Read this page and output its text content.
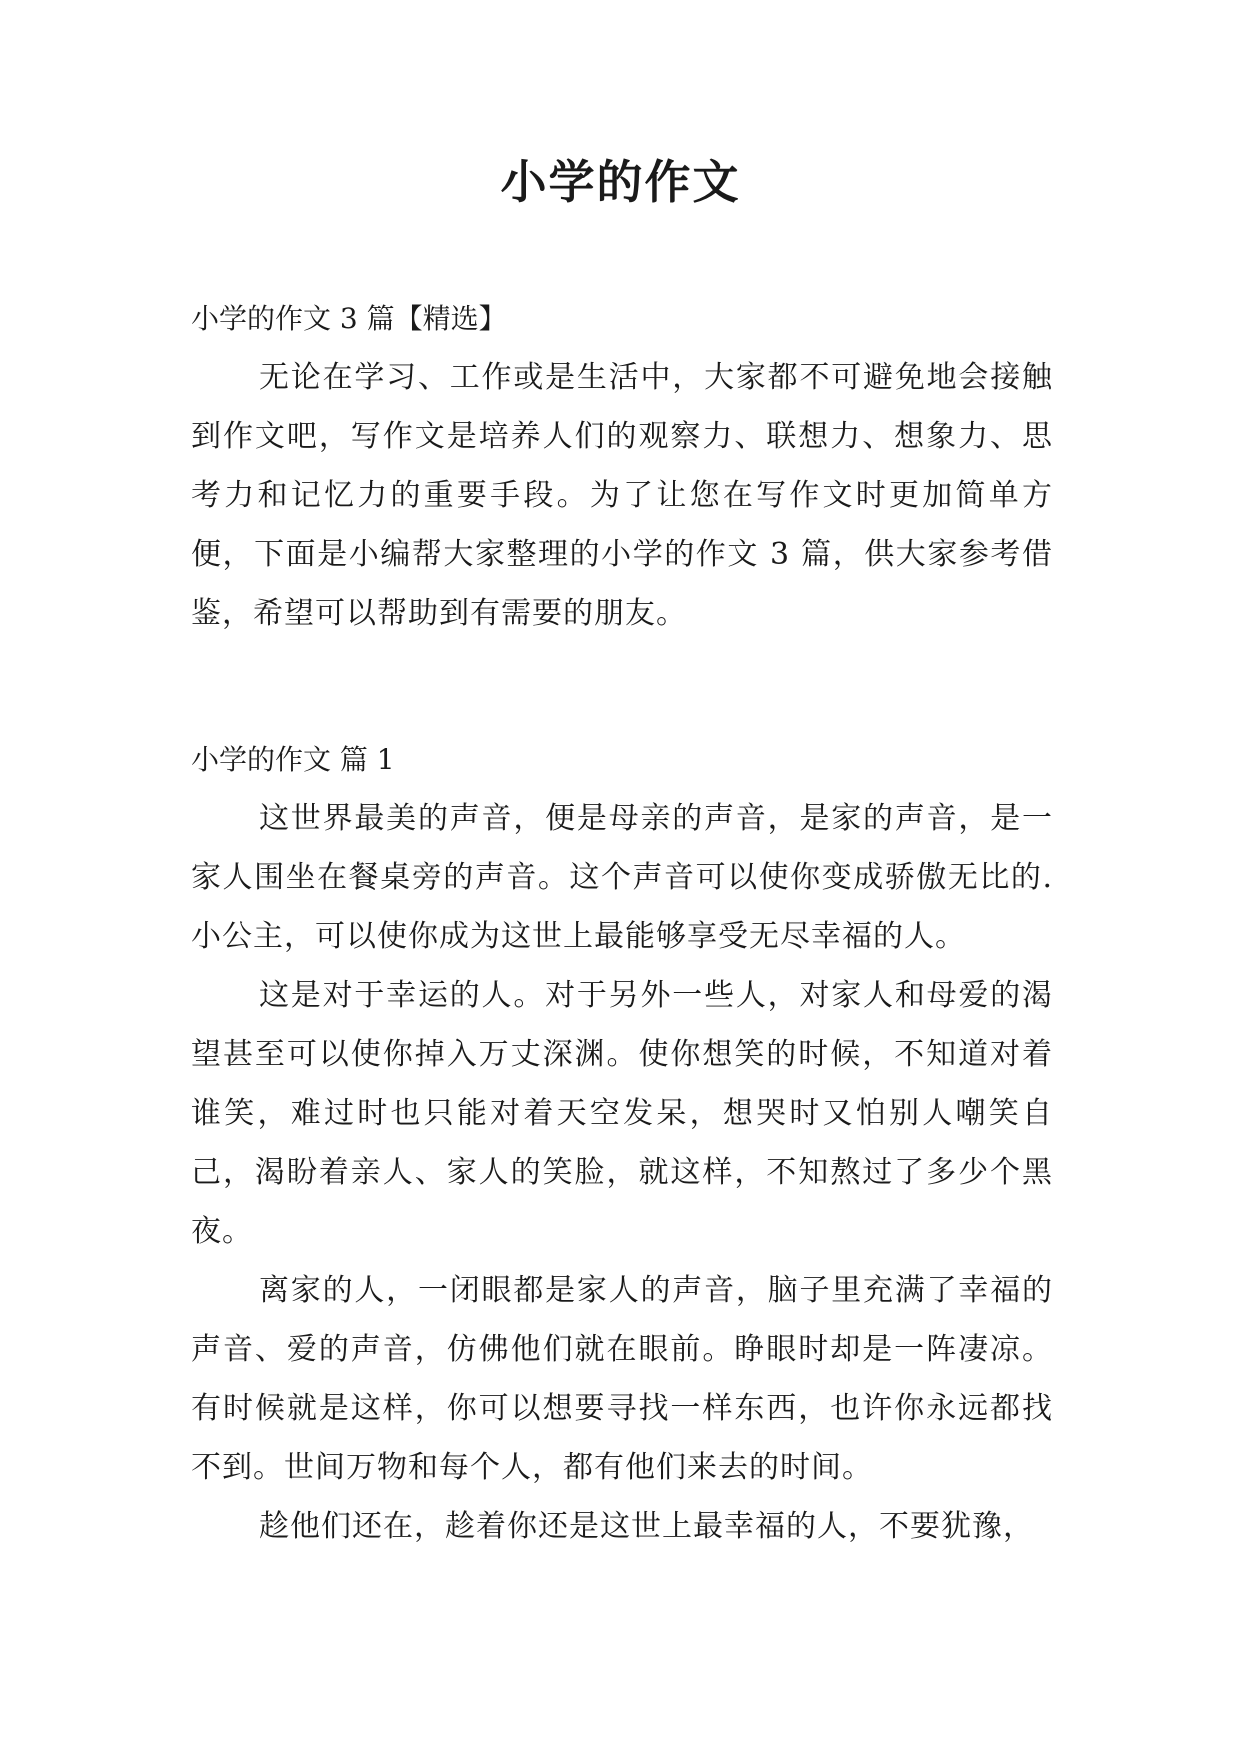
小学的作文

小学的作文 3 篇【精选】

无论在学习、工作或是生活中，大家都不可避免地会接触到作文吧，写作文是培养人们的观察力、联想力、想象力、思考力和记忆力的重要手段。为了让您在写作文时更加简单方便，下面是小编帮大家整理的小学的作文 3 篇，供大家参考借鉴，希望可以帮助到有需要的朋友。

小学的作文 篇 1

这世界最美的声音，便是母亲的声音，是家的声音，是一家人围坐在餐桌旁的声音。这个声音可以使你变成骄傲无比的.小公主，可以使你成为这世上最能够享受无尽幸福的人。

这是对于幸运的人。对于另外一些人，对家人和母爱的渴望甚至可以使你掉入万丈深渊。使你想笑的时候，不知道对着谁笑，难过时也只能对着天空发呆，想哭时又怕别人嘲笑自己，渴盼着亲人、家人的笑脸，就这样，不知熬过了多少个黑夜。

离家的人，一闭眼都是家人的声音，脑子里充满了幸福的声音、爱的声音，仿佛他们就在眼前。睁眼时却是一阵凄凉。有时候就是这样，你可以想要寻找一样东西，也许你永远都找不到。世间万物和每个人，都有他们来去的时间。

趁他们还在，趁着你还是这世上最幸福的人，不要犹豫，
